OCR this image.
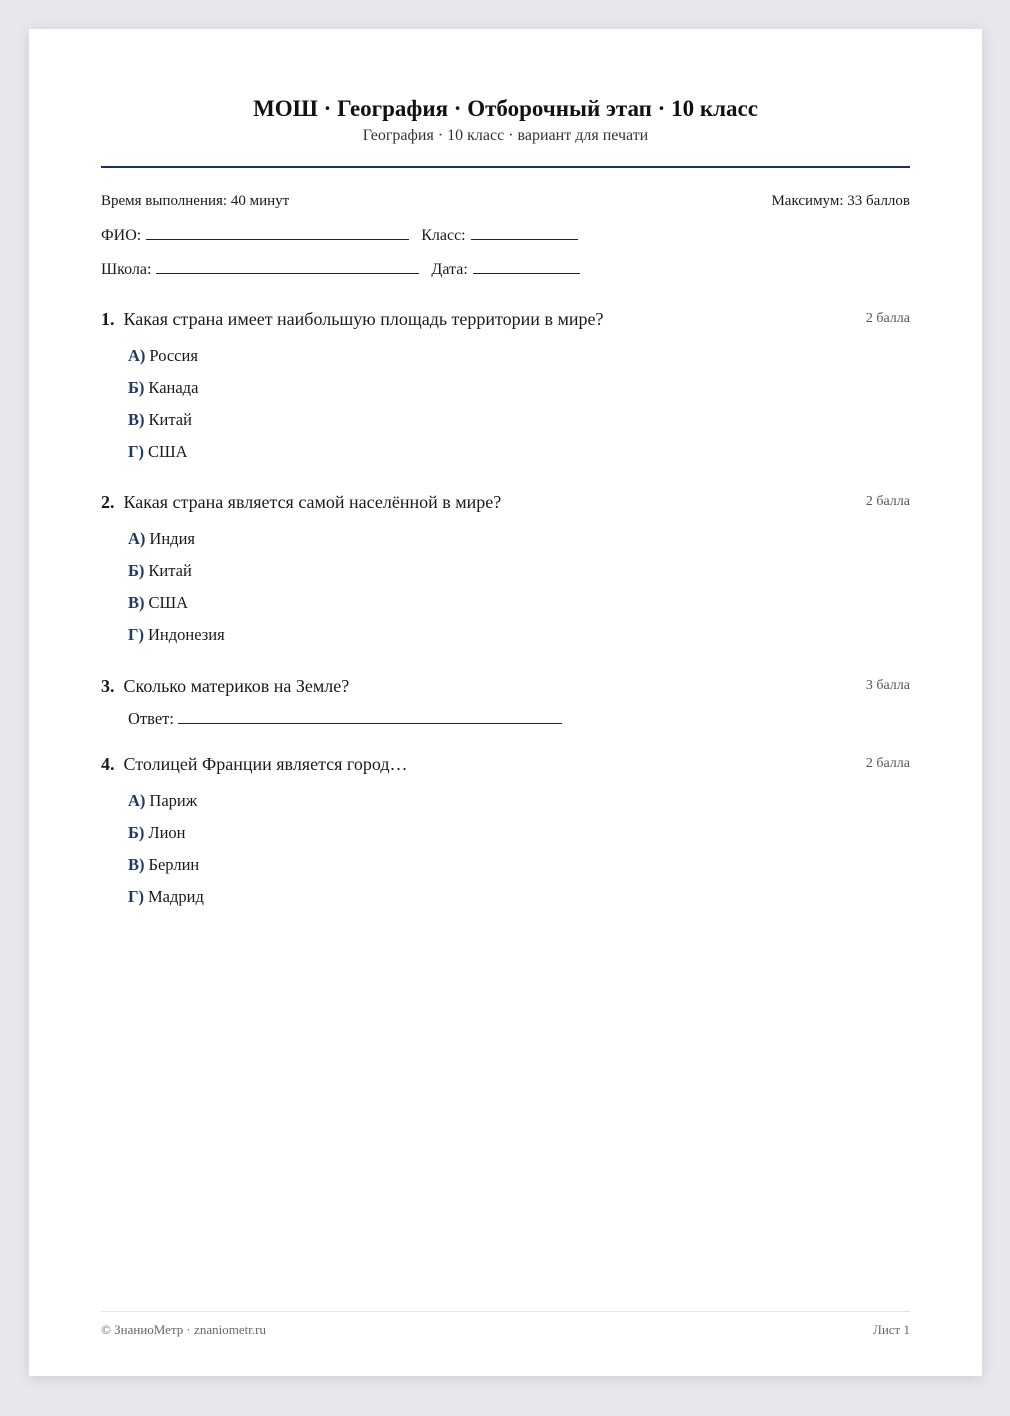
МОШ · География · Отборочный этап · 10 класс
География · 10 класс · вариант для печати
Время выполнения: 40 минут	Максимум: 33 баллов
ФИО:	Класс:
Школа:	Дата:
1. Какая страна имеет наибольшую площадь территории в мире?	2 балла
А) Россия
Б) Канада
В) Китай
Г) США
2. Какая страна является самой населённой в мире?	2 балла
А) Индия
Б) Китай
В) США
Г) Индонезия
3. Сколько материков на Земле?	3 балла
Ответ:
4. Столицей Франции является город…	2 балла
А) Париж
Б) Лион
В) Берлин
Г) Мадрид
© ЗнаниоМетр · znaniometr.ru	Лист 1
